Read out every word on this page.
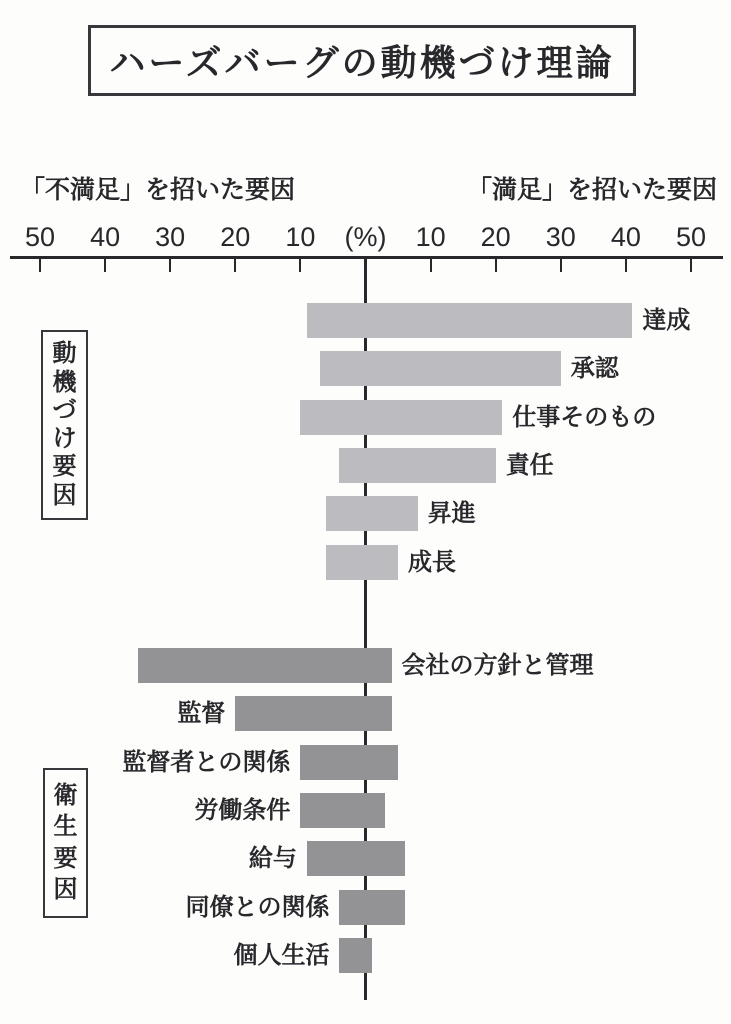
ハーズバーグの動機づけ理論
「不満足」を招いた要因	「満足」を招いた要因
50	40	30	20	10	10	20	30	40	50
(%)
達成
承認
仕事そのもの
責任
昇進
成長
会社の方針と管理
監督
監督者との関係
労働条件
給与
同僚との関係
個人生活
動
機
づ
け
要
因
衛
生
要
因
